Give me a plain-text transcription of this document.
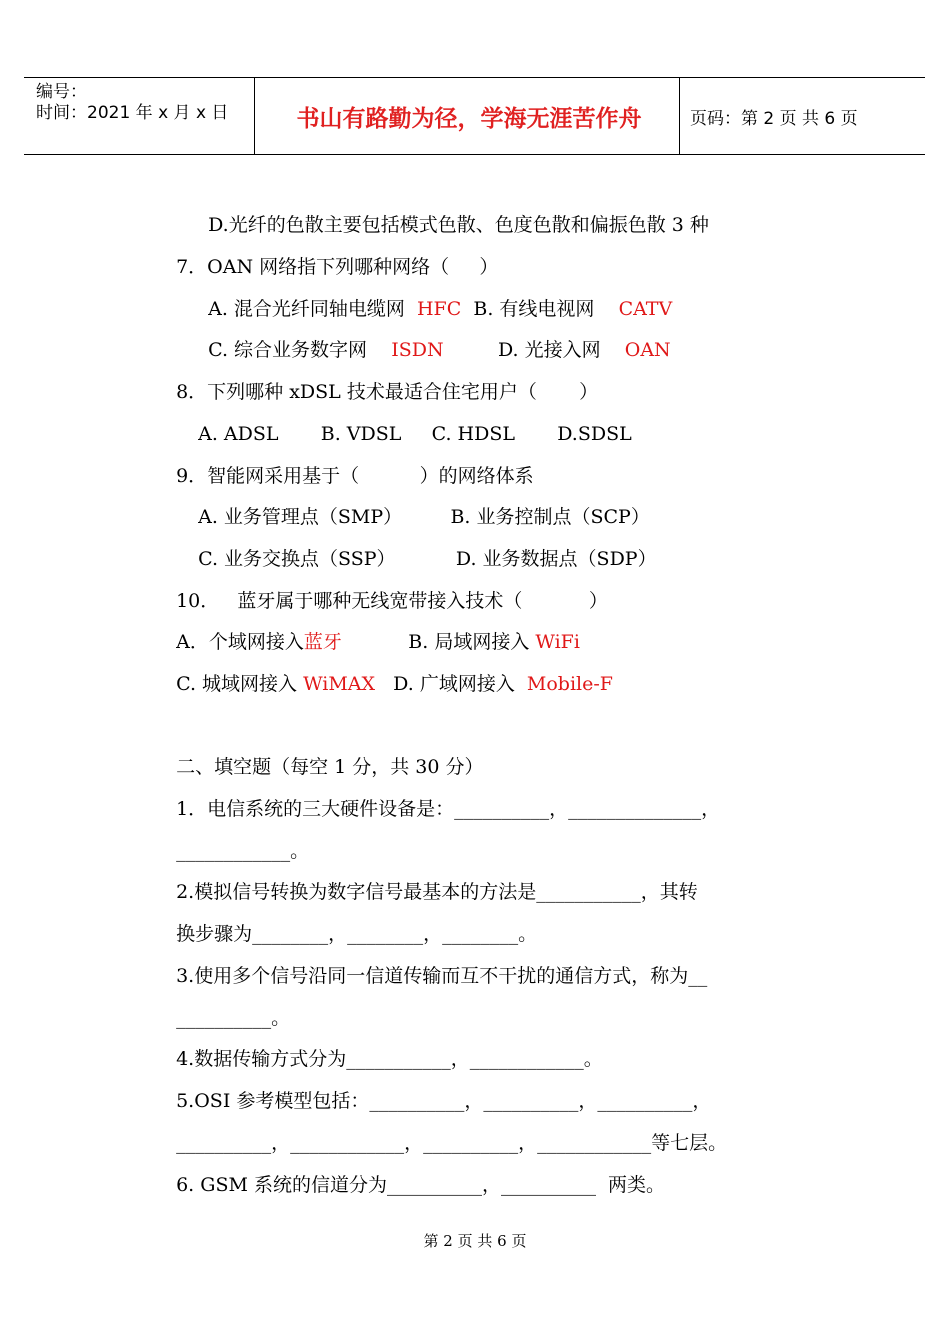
编号：
时间：2021 年 x 月 x 日	书山有路勤为径，学海无涯苦作舟	页码：第 2 页 共 6 页

D.光纤的色散主要包括模式色散、色度色散和偏振色散 3 种

7．OAN 网络指下列哪种网络（     ）

A. 混合光纤同轴电缆网  HFC  B. 有线电视网    CATV

C. 综合业务数字网    ISDN         D. 光接入网    OAN

8．下列哪种 xDSL 技术最适合住宅用户（       ）

A. ADSL       B. VDSL     C. HDSL       D.SDSL

9．智能网采用基于（          ）的网络体系

A. 业务管理点（SMP）        B. 业务控制点（SCP）

C. 业务交换点（SSP）          D. 业务数据点（SDP）

10．   蓝牙属于哪种无线宽带接入技术（           ）

A．个域网接入蓝牙           B. 局域网接入 WiFi

C. 城域网接入 WiMAX   D. 广域网接入  Mobile-F

二、填空题（每空 1 分，共 30 分）

1．电信系统的三大硬件设备是：__________，______________，

____________。

2.模拟信号转换为数字信号最基本的方法是___________，其转

换步骤为________，________，________。

3.使用多个信号沿同一信道传输而互不干扰的通信方式，称为__

__________。

4.数据传输方式分为___________，____________。

5.OSI 参考模型包括：__________，__________，__________，

__________，____________，__________，____________等七层。

6. GSM 系统的信道分为__________，__________  两类。

第 2 页 共 6 页
